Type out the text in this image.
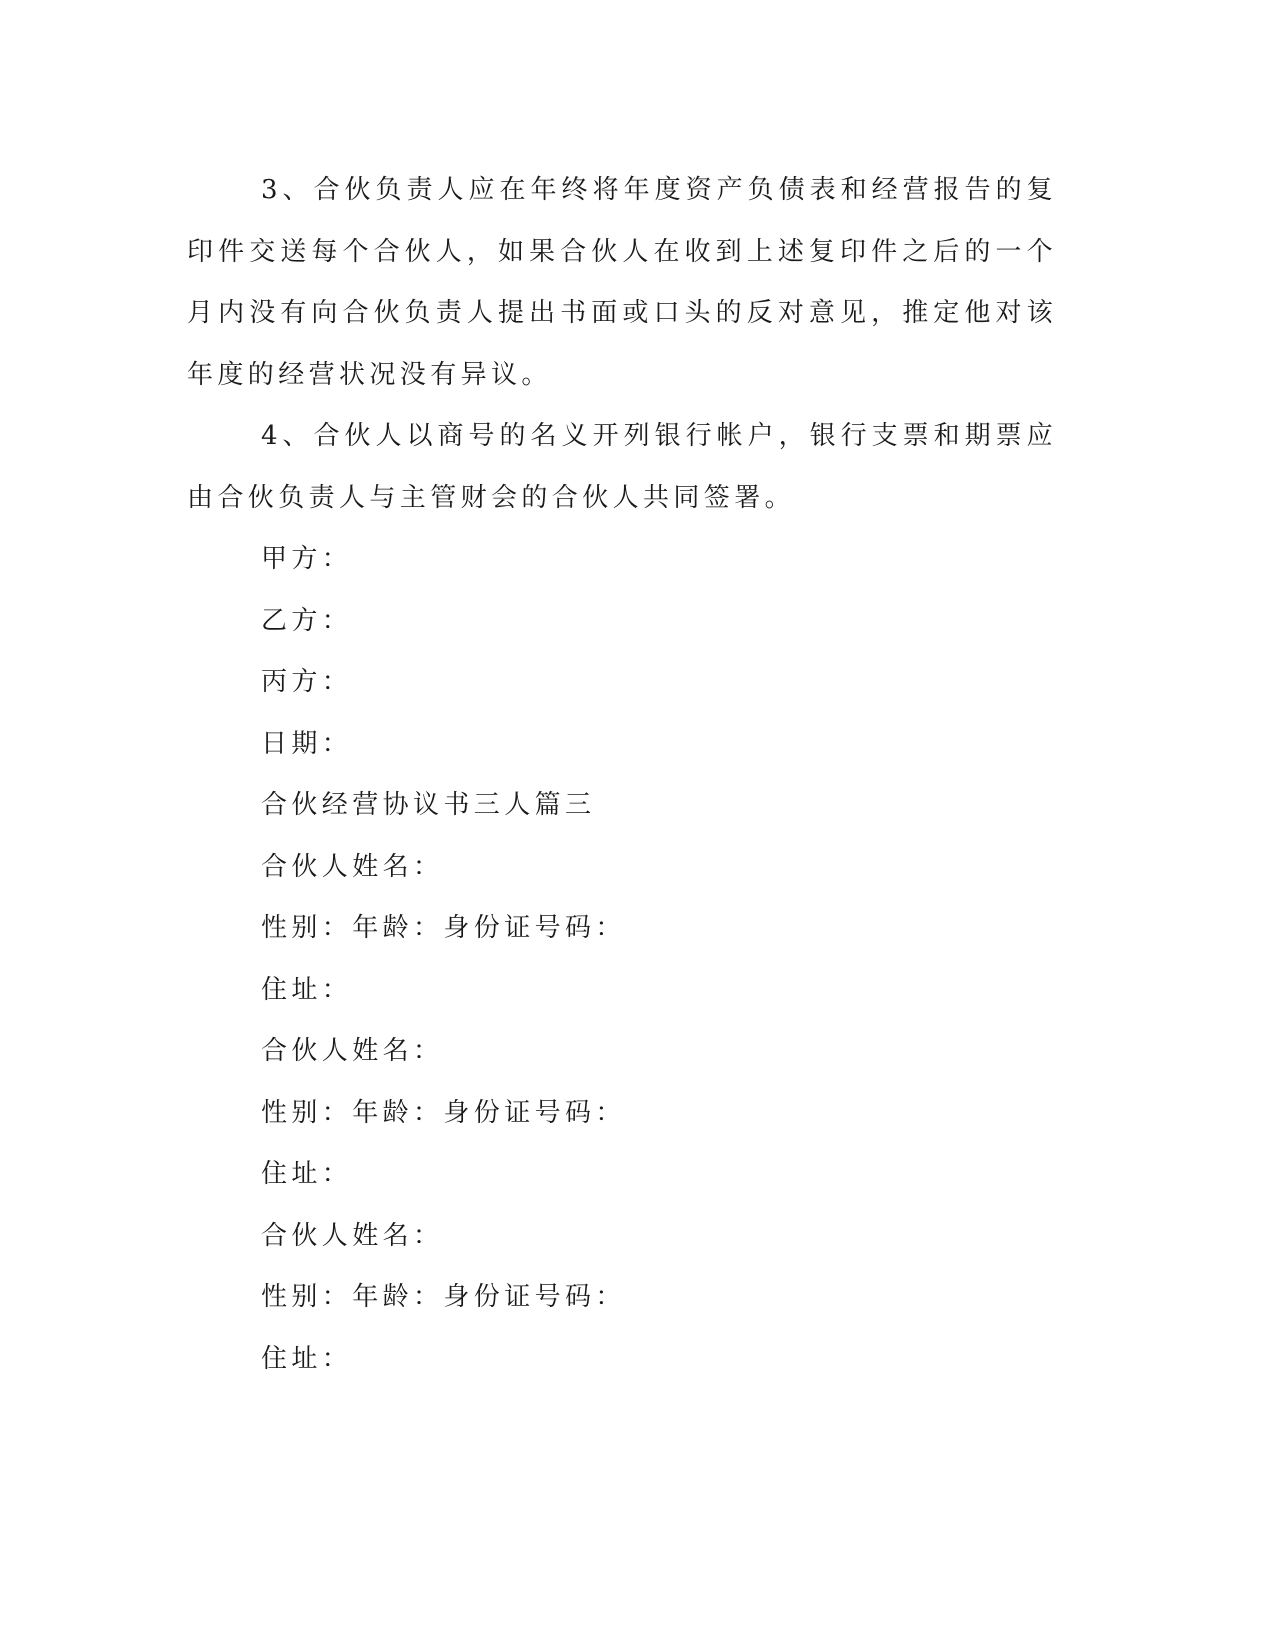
3、合伙负责人应在年终将年度资产负债表和经营报告的复印件交送每个合伙人，如果合伙人在收到上述复印件之后的一个月内没有向合伙负责人提出书面或口头的反对意见，推定他对该年度的经营状况没有异议。

4、合伙人以商号的名义开列银行帐户，银行支票和期票应由合伙负责人与主管财会的合伙人共同签署。

甲方：

乙方：

丙方：

日期：

合伙经营协议书三人篇三

合伙人姓名：

性别：年龄：身份证号码：

住址：

合伙人姓名：

性别：年龄：身份证号码：

住址：

合伙人姓名：

性别：年龄：身份证号码：

住址：
